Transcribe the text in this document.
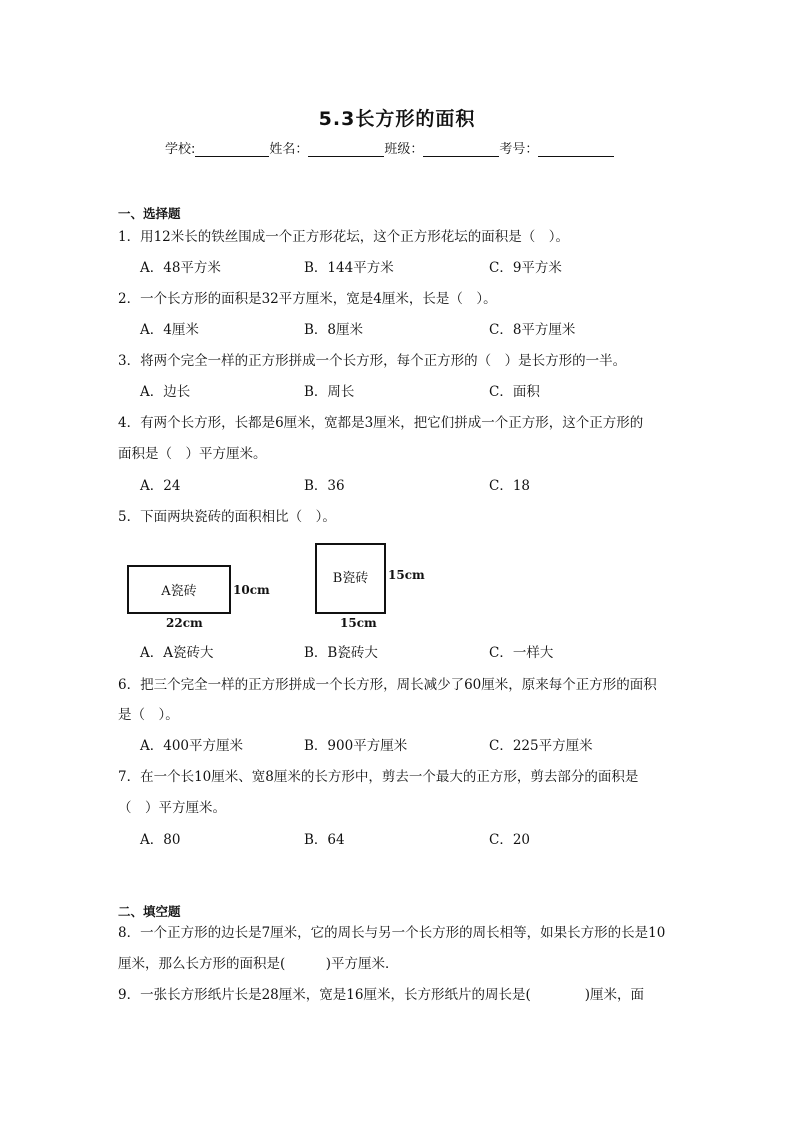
5.3长方形的面积
学校:	姓名：	班级：	考号：
一、选择题
1．用12米长的铁丝围成一个正方形花坛，这个正方形花坛的面积是（　）。
A．48平方米	B．144平方米	C．9平方米
2．一个长方形的面积是32平方厘米，宽是4厘米，长是（　）。
A．4厘米	B．8厘米	C．8平方厘米
3．将两个完全一样的正方形拼成一个长方形，每个正方形的（　）是长方形的一半。
A．边长	B．周长	C．面积
4．有两个长方形，长都是6厘米，宽都是3厘米，把它们拼成一个正方形，这个正方形的
面积是（　）平方厘米。
A．24	B．36	C．18
5．下面两块瓷砖的面积相比（　）。
A瓷砖	10cm
22cm
B瓷砖 15cm
15cm
A．A瓷砖大	B．B瓷砖大	C．一样大
6．把三个完全一样的正方形拼成一个长方形，周长减少了60厘米，原来每个正方形的面积
是（　）。
A．400平方厘米	B．900平方厘米	C．225平方厘米
7．在一个长10厘米、宽8厘米的长方形中，剪去一个最大的正方形，剪去部分的面积是
（　）平方厘米。
A．80	B．64	C．20
二、填空题
8．一个正方形的边长是7厘米，它的周长与另一个长方形的周长相等，如果长方形的长是10
厘米，那么长方形的面积是(　　　)平方厘米．
9．一张长方形纸片长是28厘米，宽是16厘米，长方形纸片的周长是(　　　　)厘米，面
